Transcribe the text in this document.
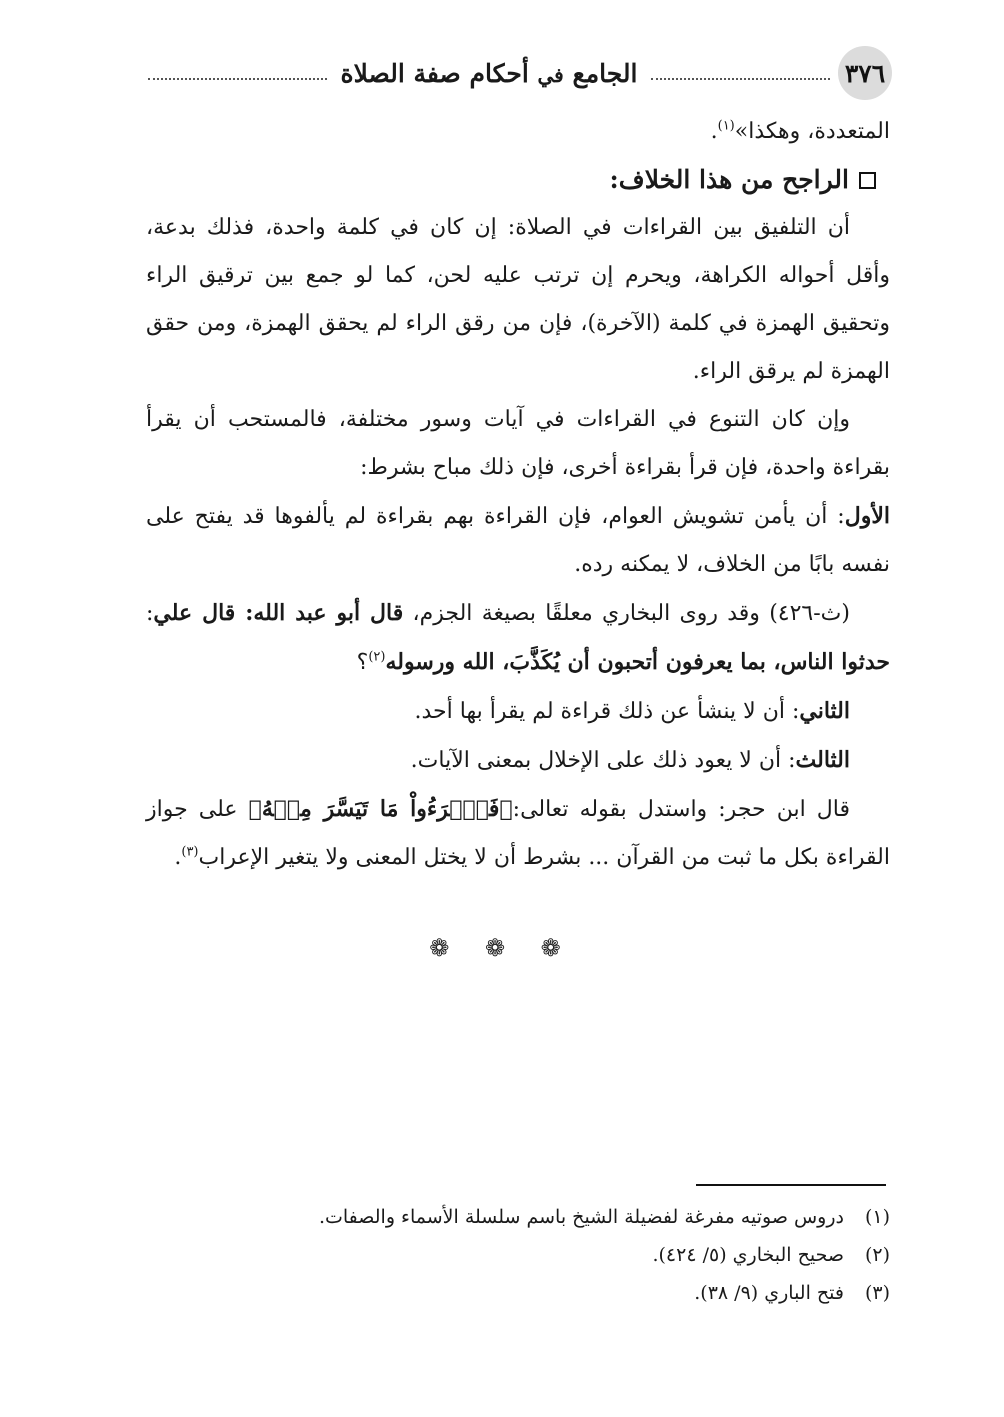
٣٧٦
الجامع في أحكام صفة الصلاة

المتعددة، وهكذا»$^{(١)}$.

الراجح من هذا الخلاف:

أن التلفيق بين القراءات في الصلاة: إن كان في كلمة واحدة، فذلك بدعة، وأقل أحواله الكراهة، ويحرم إن ترتب عليه لحن، كما لو جمع بين ترقيق الراء وتحقيق الهمزة في كلمة (الآخرة)، فإن من رقق الراء لم يحقق الهمزة، ومن حقق الهمزة لم يرقق الراء.

وإن كان التنوع في القراءات في آيات وسور مختلفة، فالمستحب أن يقرأ بقراءة واحدة، فإن قرأ بقراءة أخرى، فإن ذلك مباح بشرط:

الأول: أن يأمن تشويش العوام، فإن القراءة بهم بقراءة لم يألفوها قد يفتح على نفسه بابًا من الخلاف، لا يمكنه رده.

(ث-٤٢٦) وقد روى البخاري معلقًا بصيغة الجزم، قال أبو عبد الله: قال علي: حدثوا الناس، بما يعرفون أتحبون أن يُكَذَّبَ، الله ورسوله$^{(٢)}$؟

الثاني: أن لا ينشأ عن ذلك قراءة لم يقرأ بها أحد.

الثالث: أن لا يعود ذلك على الإخلال بمعنى الآيات.

قال ابن حجر: واستدل بقوله تعالى:﴿فَٱقۡرَءُواْ مَا تَيَسَّرَ مِنۡهُ﴾ على جواز القراءة بكل ما ثبت من القرآن ... بشرط أن لا يختل المعنى ولا يتغير الإعراب$^{(٣)}$.

❁ ❁ ❁
(١)
دروس صوتيه مفرغة لفضيلة الشيخ باسم سلسلة الأسماء والصفات.
(٢)
صحيح البخاري (٥/ ٤٢٤).
(٣)
فتح الباري (٩/ ٣٨).
